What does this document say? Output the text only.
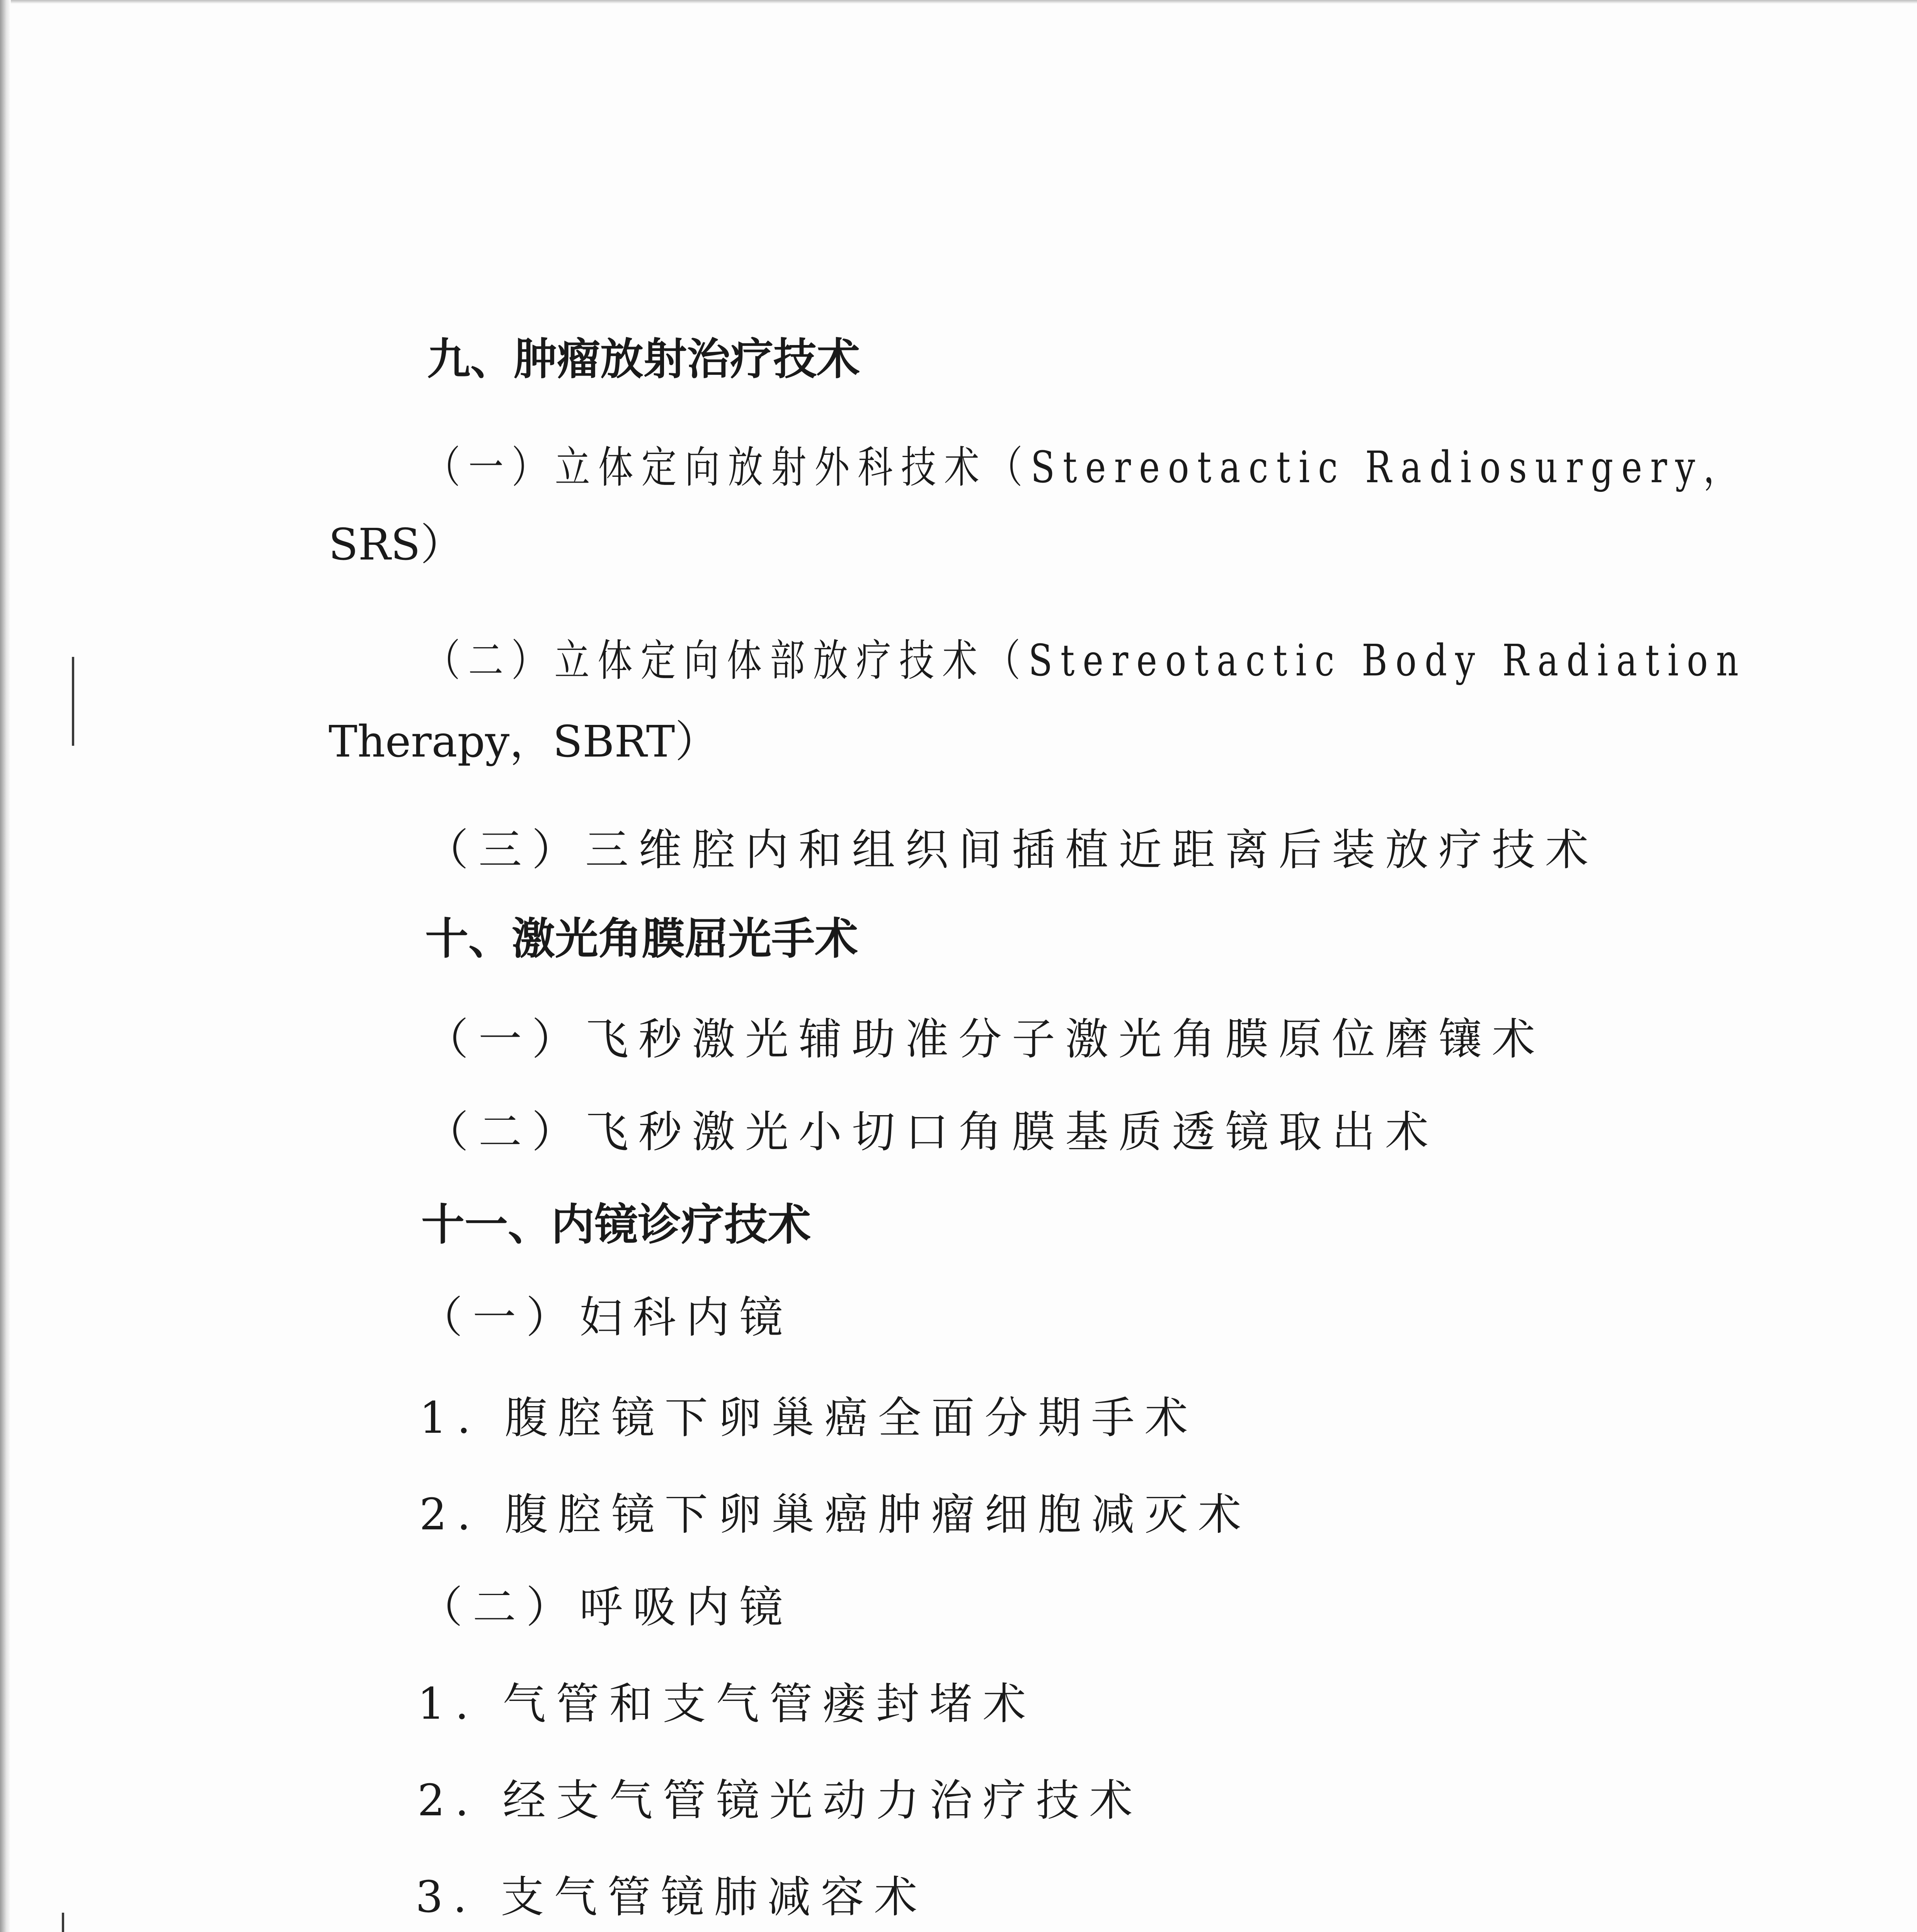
九、肿瘤放射治疗技术
（一）立体定向放射外科技术（Stereotactic Radiosurgery，
SRS）
（二）立体定向体部放疗技术（Stereotactic Body Radiation
Therapy，SBRT）
（三）三维腔内和组织间插植近距离后装放疗技术
十、激光角膜屈光手术
（一）飞秒激光辅助准分子激光角膜原位磨镶术
（二）飞秒激光小切口角膜基质透镜取出术
十一、内镜诊疗技术
（一）妇科内镜
1. 腹腔镜下卵巢癌全面分期手术
2. 腹腔镜下卵巢癌肿瘤细胞减灭术
（二）呼吸内镜
1. 气管和支气管瘘封堵术
2. 经支气管镜光动力治疗技术
3. 支气管镜肺减容术
